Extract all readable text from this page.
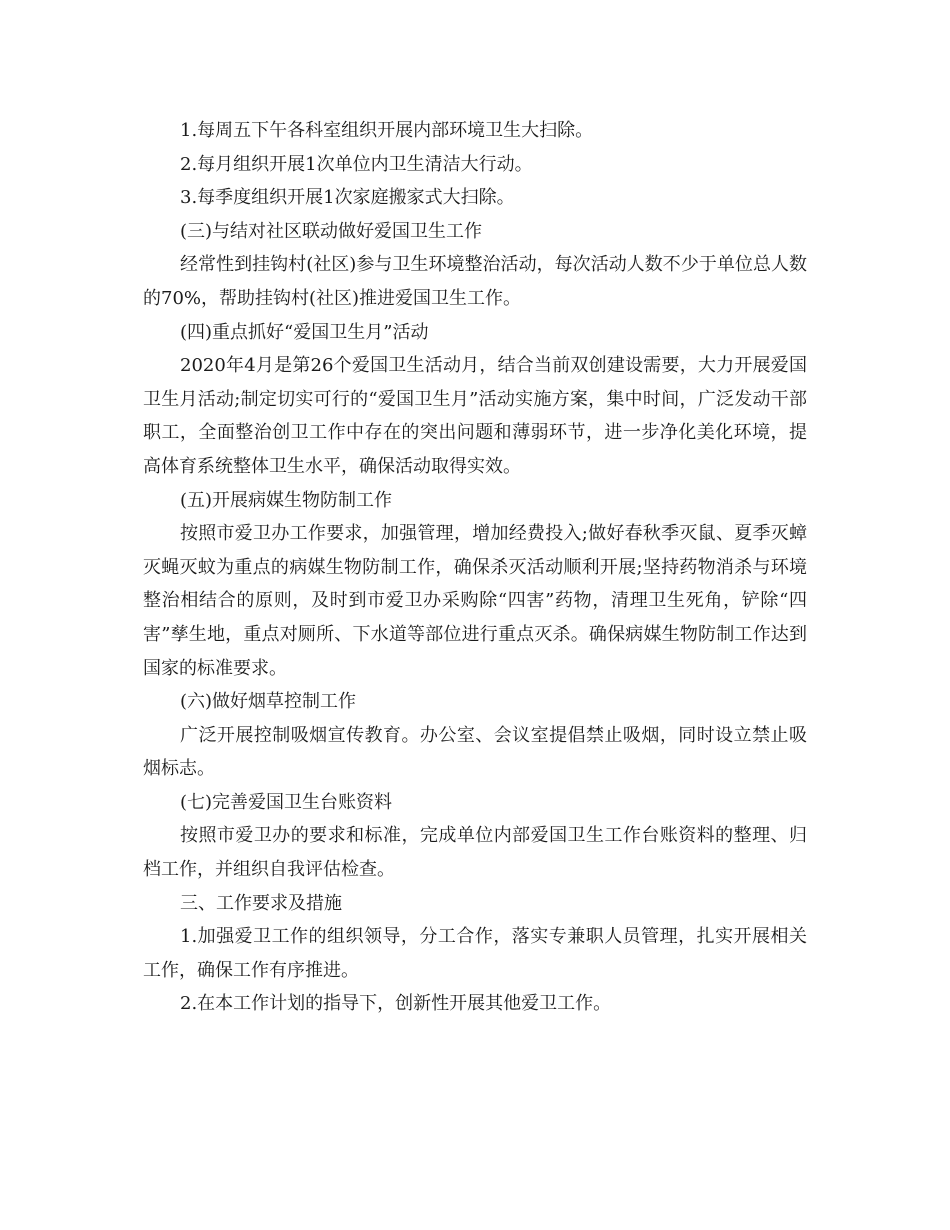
1.每周五下午各科室组织开展内部环境卫生大扫除。

2.每月组织开展1次单位内卫生清洁大行动。

3.每季度组织开展1次家庭搬家式大扫除。

(三)与结对社区联动做好爱国卫生工作

经常性到挂钩村(社区)参与卫生环境整治活动，每次活动人数不少于单位总人数的70%，帮助挂钩村(社区)推进爱国卫生工作。

(四)重点抓好“爱国卫生月”活动

2020年4月是第26个爱国卫生活动月，结合当前双创建设需要，大力开展爱国卫生月活动;制定切实可行的“爱国卫生月”活动实施方案，集中时间，广泛发动干部职工，全面整治创卫工作中存在的突出问题和薄弱环节，进一步净化美化环境，提高体育系统整体卫生水平，确保活动取得实效。

(五)开展病媒生物防制工作

按照市爱卫办工作要求，加强管理，增加经费投入;做好春秋季灭鼠、夏季灭蟑灭蝇灭蚊为重点的病媒生物防制工作，确保杀灭活动顺利开展;坚持药物消杀与环境整治相结合的原则，及时到市爱卫办采购除“四害”药物，清理卫生死角，铲除“四害”孳生地，重点对厕所、下水道等部位进行重点灭杀。确保病媒生物防制工作达到国家的标准要求。

(六)做好烟草控制工作

广泛开展控制吸烟宣传教育。办公室、会议室提倡禁止吸烟，同时设立禁止吸烟标志。

(七)完善爱国卫生台账资料

按照市爱卫办的要求和标准，完成单位内部爱国卫生工作台账资料的整理、归档工作，并组织自我评估检查。

三、工作要求及措施

1.加强爱卫工作的组织领导，分工合作，落实专兼职人员管理，扎实开展相关工作，确保工作有序推进。

2.在本工作计划的指导下，创新性开展其他爱卫工作。
